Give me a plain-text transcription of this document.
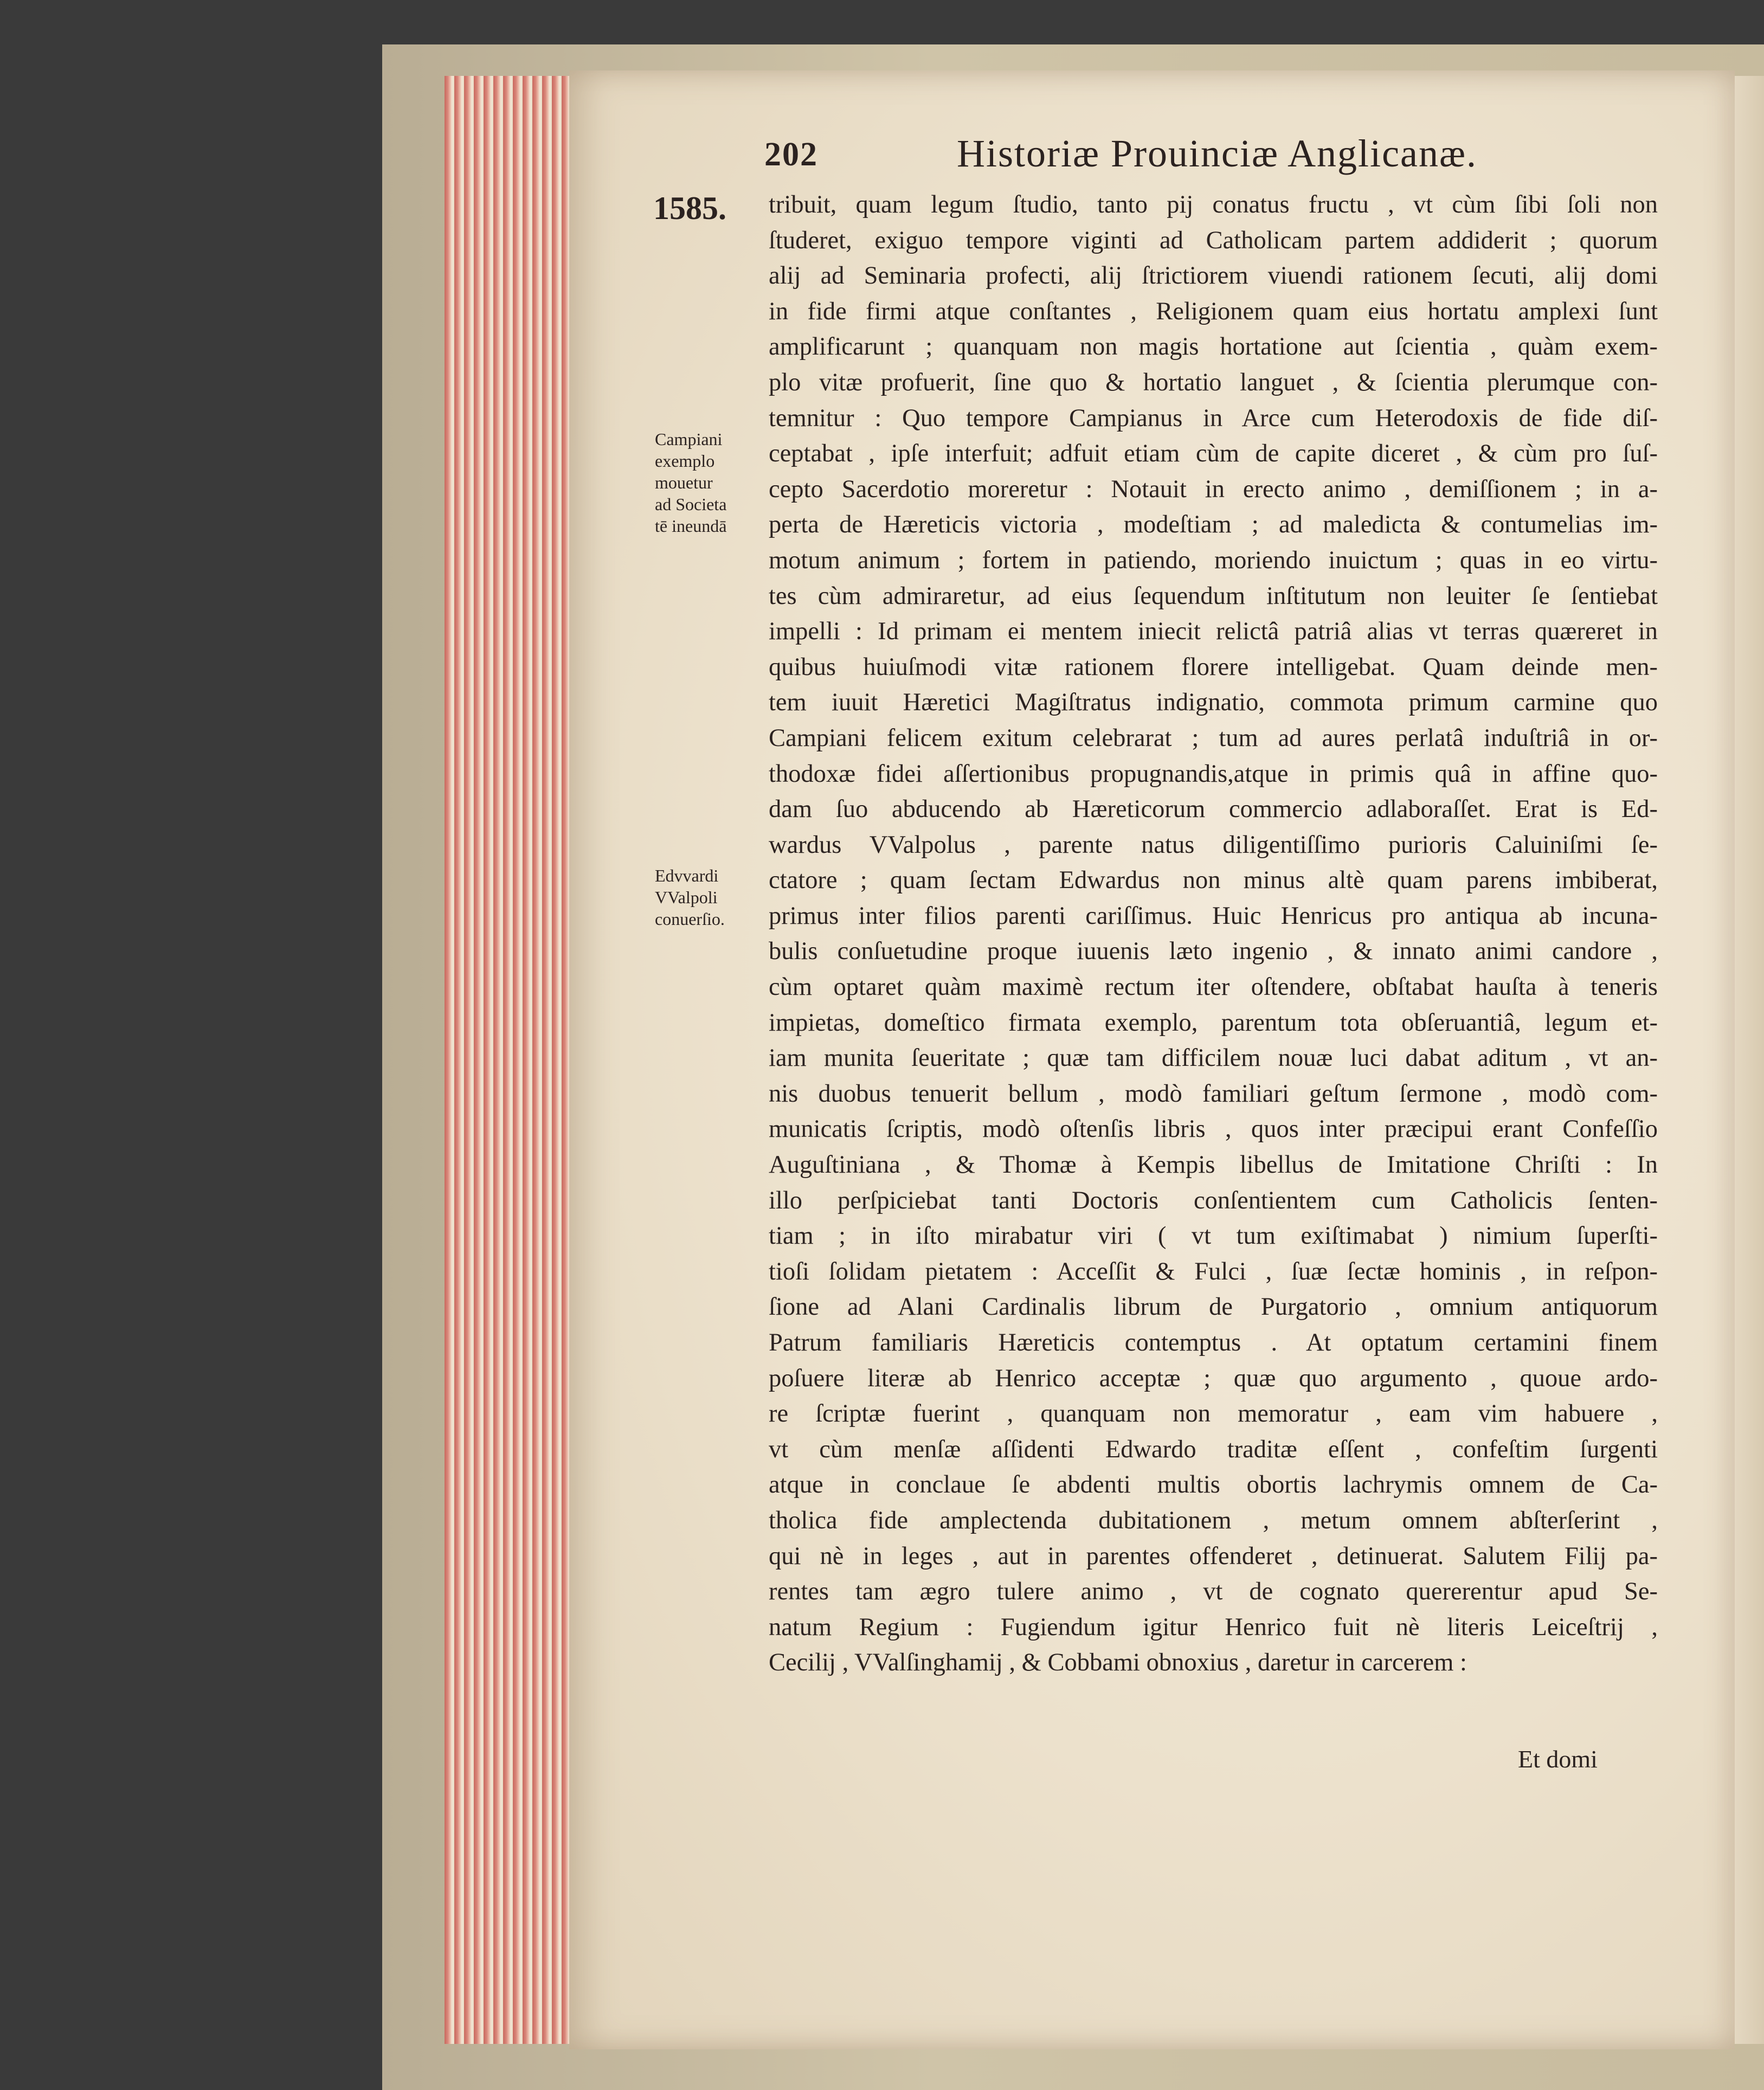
202	Historiæ Prouinciæ Anglicanæ.
1585.
Campiani
exemplo
mouetur
ad Societa
tē ineundā
Edvvardi
VValpoli
conuerſio.
tribuit, quam legum ſtudio, tanto pij conatus fructu , vt cùm ſibi ſoli non
ſtuderet, exiguo tempore viginti ad Catholicam partem addiderit ; quorum
alij ad Seminaria profecti, alij ſtrictiorem viuendi rationem ſecuti, alij domi
in fide firmi atque conſtantes , Religionem quam eius hortatu amplexi ſunt
amplificarunt ; quanquam non magis hortatione aut ſcientia , quàm exem-
plo vitæ profuerit, ſine quo & hortatio languet , & ſcientia plerumque con-
temnitur : Quo tempore Campianus in Arce cum Heterodoxis de fide diſ-
ceptabat , ipſe interfuit; adfuit etiam cùm de capite diceret , & cùm pro ſuſ-
cepto Sacerdotio moreretur : Notauit in erecto animo , demiſſionem ; in a-
perta de Hæreticis victoria , modeſtiam ; ad maledicta & contumelias im-
motum animum ; fortem in patiendo, moriendo inuictum ; quas in eo virtu-
tes cùm admiraretur, ad eius ſequendum inſtitutum non leuiter ſe ſentiebat
impelli : Id primam ei mentem iniecit relictâ patriâ alias vt terras quæreret in
quibus huiuſmodi vitæ rationem florere intelligebat. Quam deinde men-
tem iuuit Hæretici Magiſtratus indignatio, commota primum carmine quo
Campiani felicem exitum celebrarat ; tum ad aures perlatâ induſtriâ in or-
thodoxæ fidei aſſertionibus propugnandis,atque in primis quâ in affine quo-
dam ſuo abducendo ab Hæreticorum commercio adlaboraſſet. Erat is Ed-
wardus VValpolus , parente natus diligentiſſimo purioris Caluiniſmi ſe-
ctatore ; quam ſectam Edwardus non minus altè quam parens imbiberat,
primus inter filios parenti cariſſimus. Huic Henricus pro antiqua ab incuna-
bulis conſuetudine proque iuuenis læto ingenio , & innato animi candore ,
cùm optaret quàm maximè rectum iter oſtendere, obſtabat hauſta à teneris
impietas, domeſtico firmata exemplo, parentum tota obſeruantiâ, legum et-
iam munita ſeueritate ; quæ tam difficilem nouæ luci dabat aditum , vt an-
nis duobus tenuerit bellum , modò familiari geſtum ſermone , modò com-
municatis ſcriptis, modò oſtenſis libris , quos inter præcipui erant Confeſſio
Auguſtiniana , & Thomæ à Kempis libellus de Imitatione Chriſti : In
illo perſpiciebat tanti Doctoris conſentientem cum Catholicis ſenten-
tiam ; in iſto mirabatur viri ( vt tum exiſtimabat ) nimium ſuperſti-
tioſi ſolidam pietatem : Acceſſit & Fulci , ſuæ ſectæ hominis , in reſpon-
ſione ad Alani Cardinalis librum de Purgatorio , omnium antiquorum
Patrum familiaris Hæreticis contemptus . At optatum certamini finem
poſuere literæ ab Henrico acceptæ ; quæ quo argumento , quoue ardo-
re ſcriptæ fuerint , quanquam non memoratur , eam vim habuere ,
vt cùm menſæ aſſidenti Edwardo traditæ eſſent , confeſtim ſurgenti
atque in conclaue ſe abdenti multis obortis lachrymis omnem de Ca-
tholica fide amplectenda dubitationem , metum omnem abſterſerint ,
qui nè in leges , aut in parentes offenderet , detinuerat. Salutem Filij pa-
rentes tam ægro tulere animo , vt de cognato quererentur apud Se-
natum Regium : Fugiendum igitur Henrico fuit nè literis Leiceſtrij ,
Cecilij , VValſinghamij , & Cobbami obnoxius , daretur in carcerem :
Et domi
